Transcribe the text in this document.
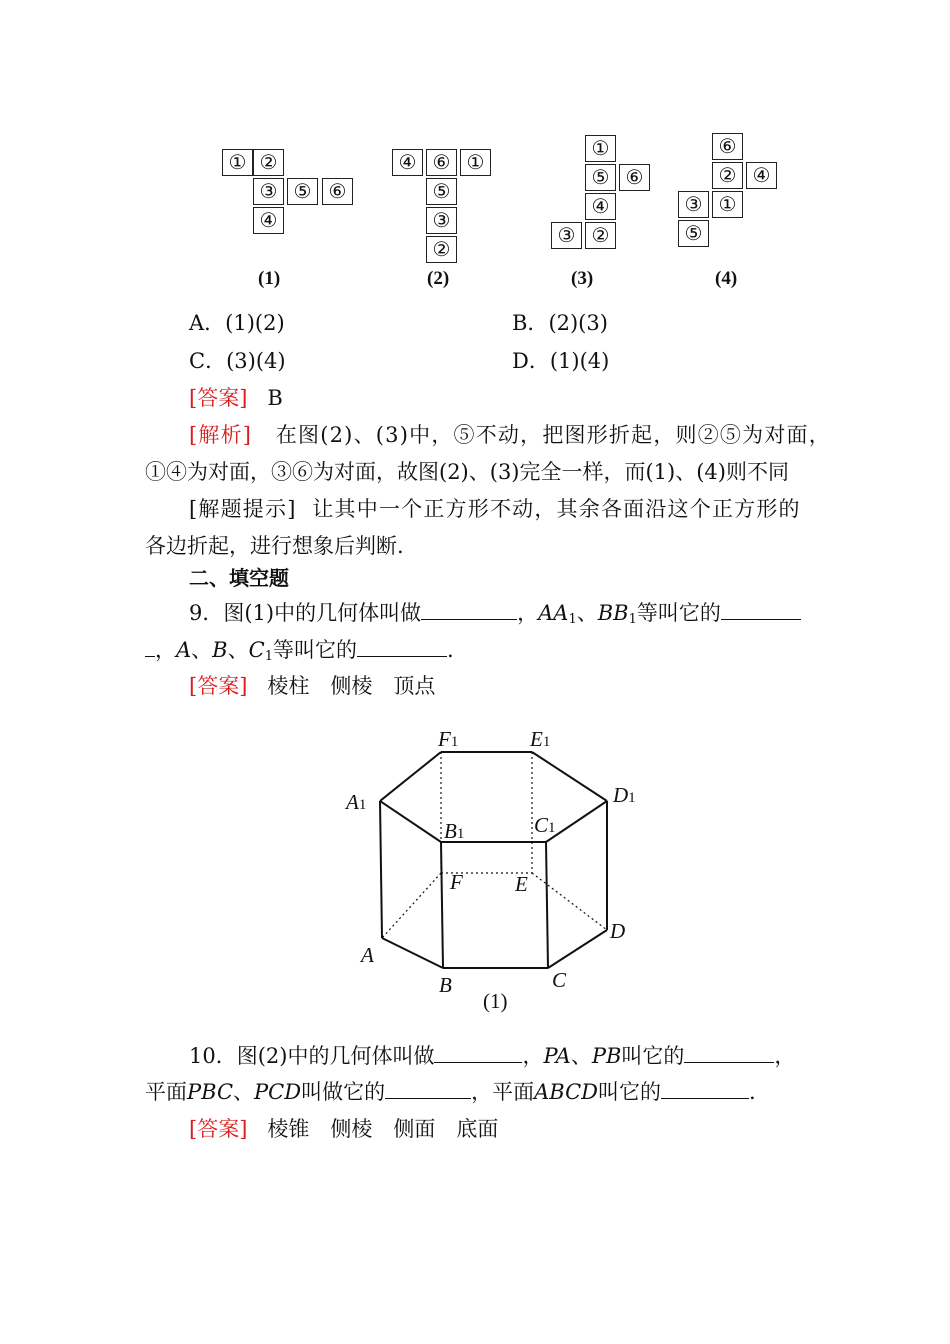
① ②
③ ⑤ ⑥
④
(1)
④ ⑥ ①
⑤
③
②
(2)
①
⑤ ⑥
④
③ ②
(3)
⑥
② ④
③ ①
⑤
(4)
A．(1)(2)	B．(2)(3)
C．(3)(4)	D．(1)(4)
[答案] B
[解析] 在图(2)、(3)中，⑤不动，把图形折起，则②⑤为对面，
①④为对面，③⑥为对面，故图(2)、(3)完全一样，而(1)、(4)则不同
[解题提示] 让其中一个正方形不动，其余各面沿这个正方形的
各边折起，进行想象后判断.
二、填空题
9．图(1)中的几何体叫做	，$AA_1$、$BB_1$等叫它的
，A、B、$C_1$等叫它的	.
[答案] 棱柱　侧棱　顶点
F1	E1
A1	D1
B1	C1
F E
A
D
B	C
(1)
10．图(2)中的几何体叫做	，PA、PB叫它的	，
平面PBC、PCD叫做它的	，平面ABCD叫它的	.
[答案] 棱锥　侧棱　侧面　底面
